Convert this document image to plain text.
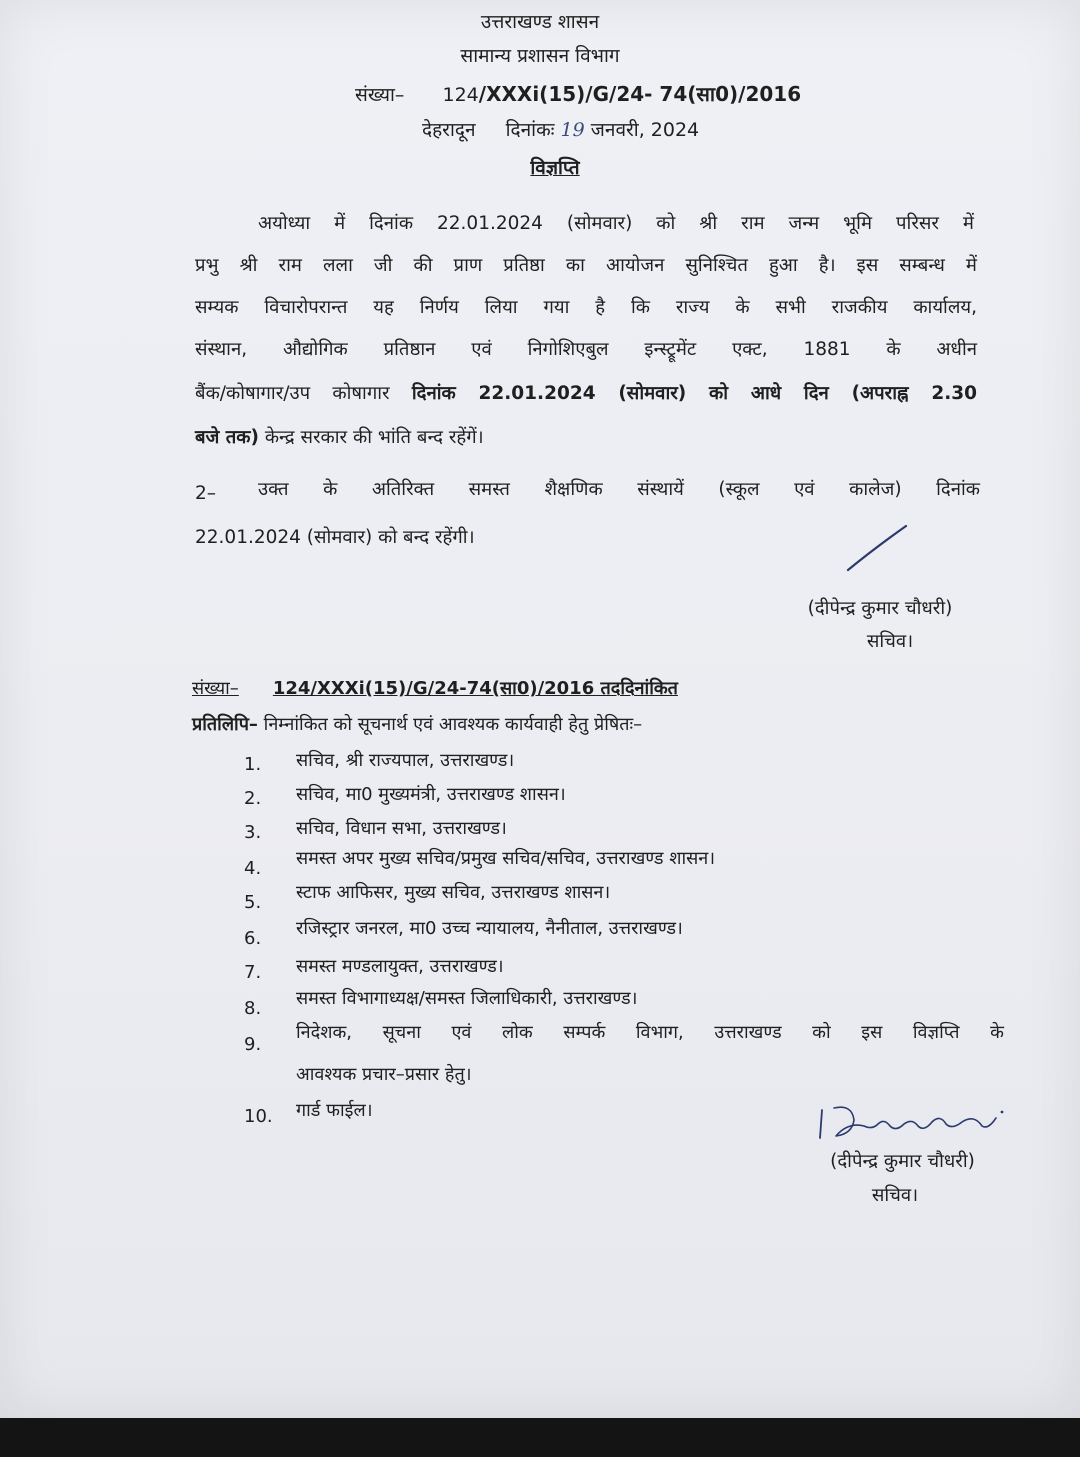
उत्तराखण्ड शासन
सामान्य प्रशासन विभाग
संख्या– 124/XXXi(15)/G/24- 74(सा0)/2016
देहरादून दिनांकः 19 जनवरी, 2024
विज्ञप्ति
अयोध्या में दिनांक 22.01.2024 (सोमवार) को श्री राम जन्म भूमि परिसर में
प्रभु श्री राम लला जी की प्राण प्रतिष्ठा का आयोजन सुनिश्चित हुआ है। इस सम्बन्ध में
सम्यक विचारोपरान्त यह निर्णय लिया गया है कि राज्य के सभी राजकीय कार्यालय,
संस्थान, औद्योगिक प्रतिष्ठान एवं निगोशिएबुल इन्स्ट्रूमेंट एक्ट, 1881 के अधीन
बैंक/कोषागार/उप कोषागार दिनांक 22.01.2024 (सोमवार) को आधे दिन (अपराह्न 2.30
बजे तक) केन्द्र सरकार की भांति बन्द रहेंगें।
2– उक्त के अतिरिक्त समस्त शैक्षणिक संस्थायें (स्कूल एवं कालेज) दिनांक
22.01.2024 (सोमवार) को बन्द रहेंगी।
(दीपेन्द्र कुमार चौधरी)
सचिव।
संख्या– 124/XXXi(15)/G/24-74(सा0)/2016 तददिनांकित
प्रतिलिपि– निम्नांकित को सूचनार्थ एवं आवश्यक कार्यवाही हेतु प्रेषितः–
1.	सचिव, श्री राज्यपाल, उत्तराखण्ड।
2.	सचिव, मा0 मुख्यमंत्री, उत्तराखण्ड शासन।
3.	सचिव, विधान सभा, उत्तराखण्ड।
4.	समस्त अपर मुख्य सचिव/प्रमुख सचिव/सचिव, उत्तराखण्ड शासन।
5.	स्टाफ आफिसर, मुख्य सचिव, उत्तराखण्ड शासन।
6.	रजिस्ट्रार जनरल, मा0 उच्च न्यायालय, नैनीताल, उत्तराखण्ड।
7.	समस्त मण्डलायुक्त, उत्तराखण्ड।
8.	समस्त विभागाध्यक्ष/समस्त जिलाधिकारी, उत्तराखण्ड।
9.
निदेशक, सूचना एवं लोक सम्पर्क विभाग, उत्तराखण्ड को इस विज्ञप्ति के
आवश्यक प्रचार–प्रसार हेतु।
10. गार्ड फाईल।
(दीपेन्द्र कुमार चौधरी)
सचिव।
